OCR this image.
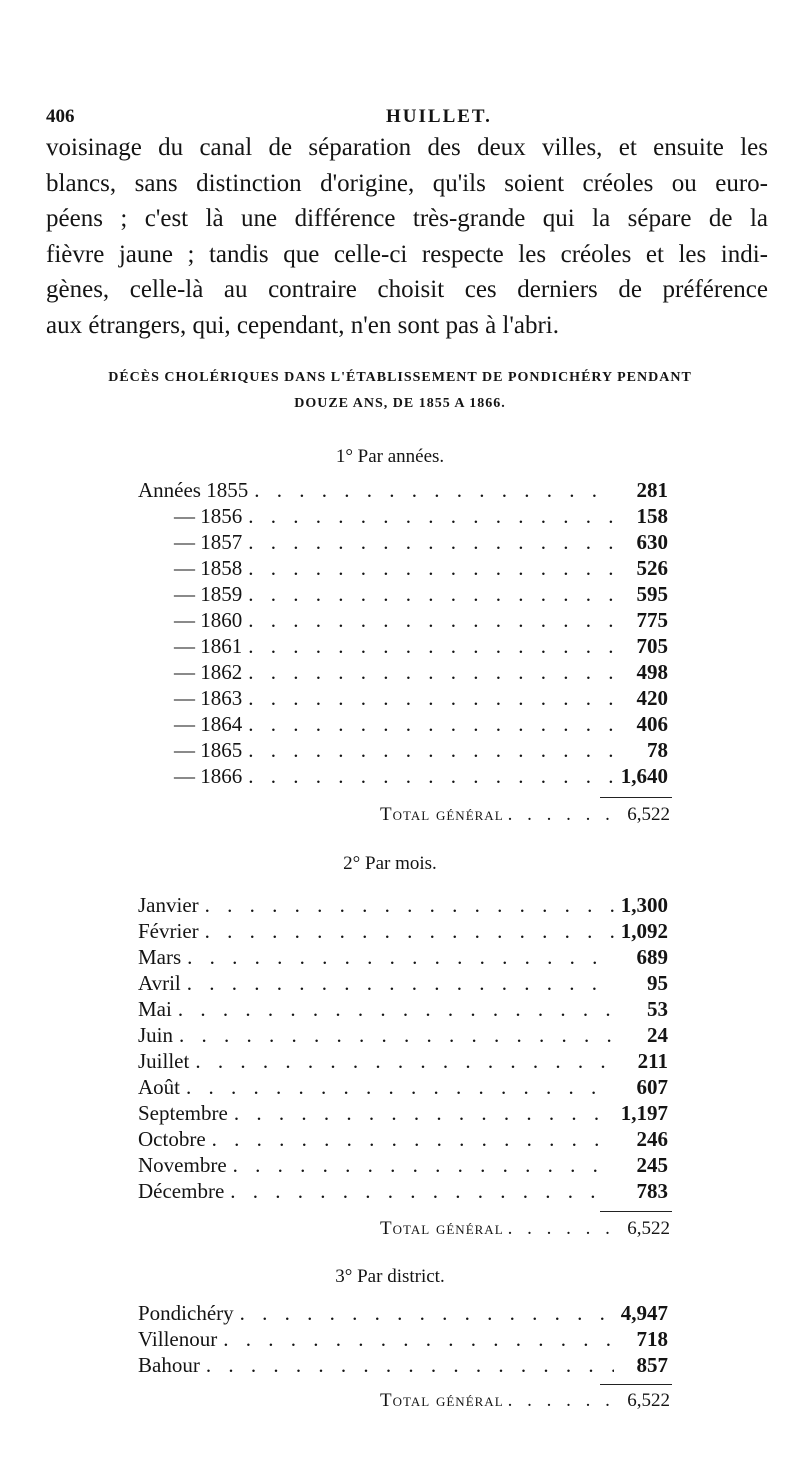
406	HUILLET.
voisinage du canal de séparation des deux villes, et ensuite les
blancs, sans distinction d'origine, qu'ils soient créoles ou euro-
péens ; c'est là une différence très-grande qui la sépare de la
fièvre jaune ; tandis que celle-ci respecte les créoles et les indi-
gènes, celle-là au contraire choisit ces derniers de préférence
aux étrangers, qui, cependant, n'en sont pas à l'abri.
DÉCÈS CHOLÉRIQUES DANS L'ÉTABLISSEMENT DE PONDICHÉRY PENDANT
DOUZE ANS, DE 1855 A 1866.
1° Par années.
Années 1855 . . .	281
— 1856 . . .	158
— 1857 . . .	630
— 1858 . . .	526
— 1859 . . .	595
— 1860 . . .	775
— 1861 . . .	705
— 1862 . . .	498
— 1863 . . .	420
— 1864 . . .	406
— 1865 . . .	78
— 1866 . . .	1,640
Total général . . .	6,522
2° Par mois.
Janvier . . .	1,300
Février . . .	1,092
Mars . . .	689
Avril . . .	95
Mai . . .	53
Juin . . .	24
Juillet . . .	211
Août . . .	607
Septembre . . .	1,197
Octobre . . .	246
Novembre . . .	245
Décembre . . .	783
Total général . . .	6,522
3° Par district.
Pondichéry . . .	4,947
Villenour . . .	718
Bahour . . .	857
Total général . . .	6,522
